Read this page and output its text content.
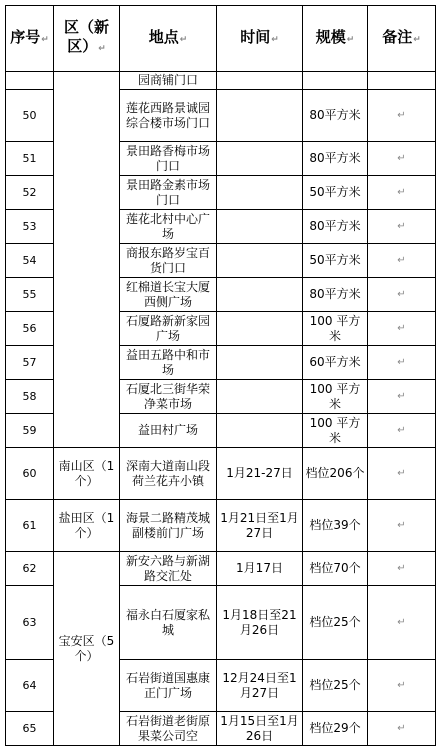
序号↵	区（新区）↵	地点↵	时间↵	规模↵	备注↵
		园商铺门口			
50		莲花西路景诚园综合楼市场门口		80平方米	↵
51		景田路香梅市场门口		80平方米	↵
52		景田路金素市场门口		50平方米	↵
53		莲花北村中心广场		80平方米	↵
54		商报东路岁宝百货门口		50平方米	↵
55		红棉道长宝大厦西侧广场		80平方米	↵
56		石厦路新新家园广场		100 平方米	↵
57		益田五路中和市场		60平方米	↵
58		石厦北三街华荣净菜市场		100 平方米	↵
59		益田村广场		100 平方米	↵
60	南山区（1个）	深南大道南山段荷兰花卉小镇	1月21-27日	档位206个	↵
61	盐田区（1个）	海景二路精茂城副楼前门广场	1月21日至1月27日	档位39个	↵
62	宝安区（5个）	新安六路与新湖路交汇处	1月17日	档位70个	↵
63		福永白石厦家私城	1月18日至21月26日	档位25个	↵
64		石岩街道国惠康正门广场	12月24日至1月27日	档位25个	↵
65		石岩街道老街原果菜公司空	1月15日至1月26日	档位29个	↵
